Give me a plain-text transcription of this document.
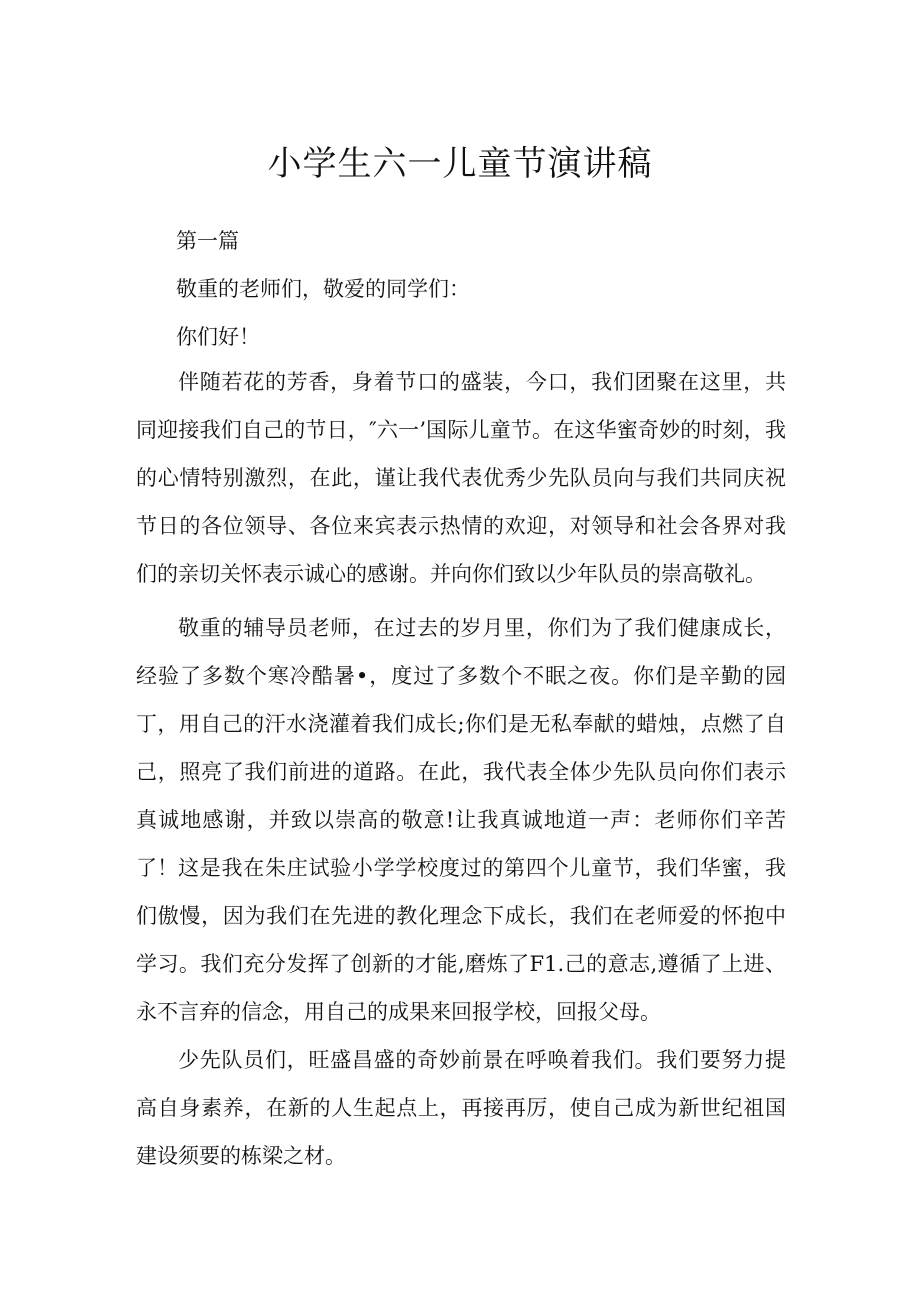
小学生六一儿童节演讲稿

第一篇

敬重的老师们，敬爱的同学们：

你们好！

伴随若花的芳香，身着节口的盛装，今口，我们团聚在这里，共同迎接我们自己的节日，″六一’国际儿童节。在这华蜜奇妙的时刻，我的心情特别激烈，在此，谨让我代表优秀少先队员向与我们共同庆祝节日的各位领导、各位来宾表示热情的欢迎，对领导和社会各界对我们的亲切关怀表示诚心的感谢。并向你们致以少年队员的崇高敬礼。

敬重的辅导员老师，在过去的岁月里，你们为了我们健康成长，经验了多数个寒冷酷暑•，度过了多数个不眠之夜。你们是辛勤的园丁，用自己的汗水浇灌着我们成长;你们是无私奉献的蜡烛，点燃了自己，照亮了我们前进的道路。在此，我代表全体少先队员向你们表示真诚地感谢，并致以崇高的敬意!让我真诚地道一声：老师你们辛苦了！ 这是我在朱庄试验小学学校度过的第四个儿童节，我们华蜜，我们傲慢，因为我们在先进的教化理念下成长，我们在老师爱的怀抱中学习。我们充分发挥了创新的才能,磨炼了F1.己的意志,遵循了上进、永不言弃的信念，用自己的成果来回报学校，回报父母。

少先队员们，旺盛昌盛的奇妙前景在呼唤着我们。我们要努力提高自身素养，在新的人生起点上，再接再厉，使自己成为新世纪祖国建设须要的栋梁之材。
